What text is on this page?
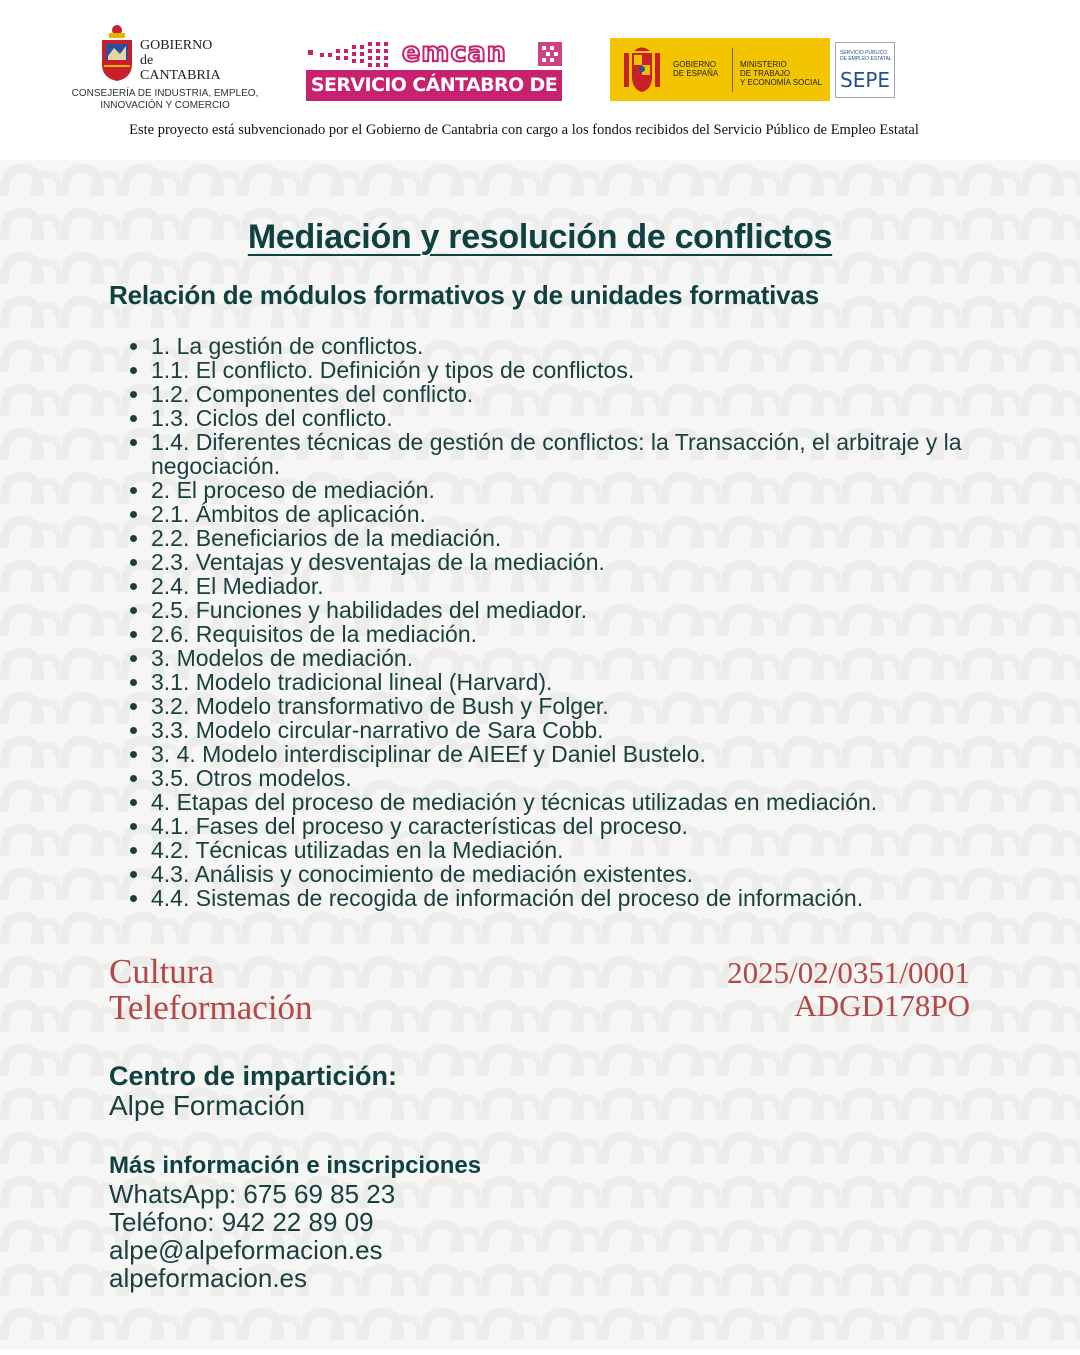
GOBIERNO
de
CANTABRIA
CONSEJERÍA DE INDUSTRIA, EMPLEO,
INNOVACIÓN Y COMERCIO
emcan
SERVICIO CÁNTABRO DE EMPLEO
GOBIERNO
DE ESPAÑA
MINISTERIO
DE TRABAJO
Y ECONOMÍA SOCIAL
SERVICIO PÚBLICO
DE EMPLEO ESTATAL
SEPE
Este proyecto está subvencionado por el Gobierno de Cantabria con cargo a los fondos recibidos del Servicio Público de Empleo Estatal
Mediación y resolución de conflictos
Relación de módulos formativos y de unidades formativas
• 1. La gestión de conflictos.
• 1.1. El conflicto. Definición y tipos de conflictos.
• 1.2. Componentes del conflicto.
• 1.3. Ciclos del conflicto.
• 1.4. Diferentes técnicas de gestión de conflictos: la Transacción, el arbitraje y la negociación.
• 2. El proceso de mediación.
• 2.1. Ámbitos de aplicación.
• 2.2. Beneficiarios de la mediación.
• 2.3. Ventajas y desventajas de la mediación.
• 2.4. El Mediador.
• 2.5. Funciones y habilidades del mediador.
• 2.6. Requisitos de la mediación.
• 3. Modelos de mediación.
• 3.1. Modelo tradicional lineal (Harvard).
• 3.2. Modelo transformativo de Bush y Folger.
• 3.3. Modelo circular-narrativo de Sara Cobb.
• 3. 4. Modelo interdisciplinar de AIEEf y Daniel Bustelo.
• 3.5. Otros modelos.
• 4. Etapas del proceso de mediación y técnicas utilizadas en mediación.
• 4.1. Fases del proceso y características del proceso.
• 4.2. Técnicas utilizadas en la Mediación.
• 4.3. Análisis y conocimiento de mediación existentes.
• 4.4. Sistemas de recogida de información del proceso de información.
Cultura
Teleformación
2025/02/0351/0001
ADGD178PO
Centro de impartición:
Alpe Formación
Más información e inscripciones
WhatsApp: 675 69 85 23
Teléfono: 942 22 89 09
alpe@alpeformacion.es
alpeformacion.es
